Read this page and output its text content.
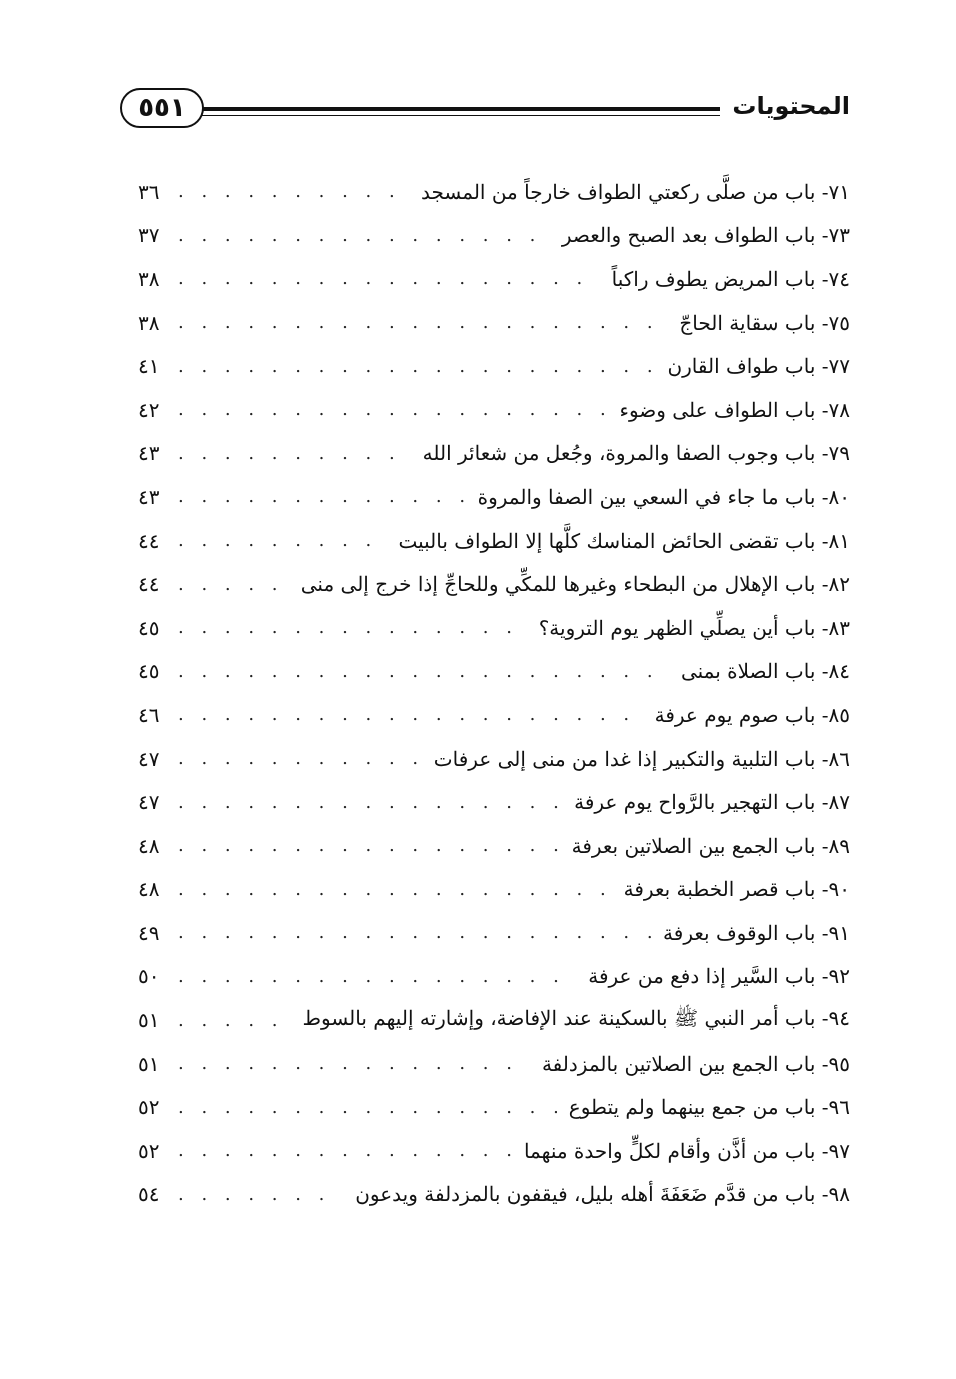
٥٥١	المحتويات
٧١- باب من صلَّى ركعتي الطواف خارجاً من المسجد
. . .
٣٦
٧٣- باب الطواف بعد الصبح والعصر
. . .
٣٧
٧٤- باب المريض يطوف راكباً
. . .
٣٨
٧٥- باب سقاية الحاجّ
. . .
٣٨
٧٧- باب طواف القارن
. . .
٤١
٧٨- باب الطواف على وضوء
. . .
٤٢
٧٩- باب وجوب الصفا والمروة، وجُعل من شعائر الله
. . .
٤٣
٨٠- باب ما جاء في السعي بين الصفا والمروة
. . .
٤٣
٨١- باب تقضى الحائض المناسك كلَّها إلا الطواف بالبيت
. . .
٤٤
٨٢- باب الإهلال من البطحاء وغيرها للمكِّي وللحاجِّ إذا خرج إلى منى
. . .
٤٤
٨٣- باب أين يصلِّي الظهر يوم التروية؟
. . .
٤٥
٨٤- باب الصلاة بمنى
. . .
٤٥
٨٥- باب صوم يوم عرفة
. . .
٤٦
٨٦- باب التلبية والتكبير إذا غدا من منى إلى عرفات
. . .
٤٧
٨٧- باب التهجير بالرَّواح يوم عرفة
. . .
٤٧
٨٩- باب الجمع بين الصلاتين بعرفة
. . .
٤٨
٩٠- باب قصر الخطبة بعرفة
. . .
٤٨
٩١- باب الوقوف بعرفة
. . .
٤٩
٩٢- باب السَّير إذا دفع من عرفة
. . .
٥٠
٩٤- باب أمر النبي ﷺ بالسكينة عند الإفاضة، وإشارته إليهم بالسوط
. . .
٥١
٩٥- باب الجمع بين الصلاتين بالمزدلفة
. . .
٥١
٩٦- باب من جمع بينهما ولم يتطوع
. . .
٥٢
٩٧- باب من أذَّن وأقام لكلٍّ واحدة منهما
. . .
٥٢
٩٨- باب من قدَّم ضَعَفَةَ أهله بليل، فيقفون بالمزدلفة ويدعون
. . .
٥٤
